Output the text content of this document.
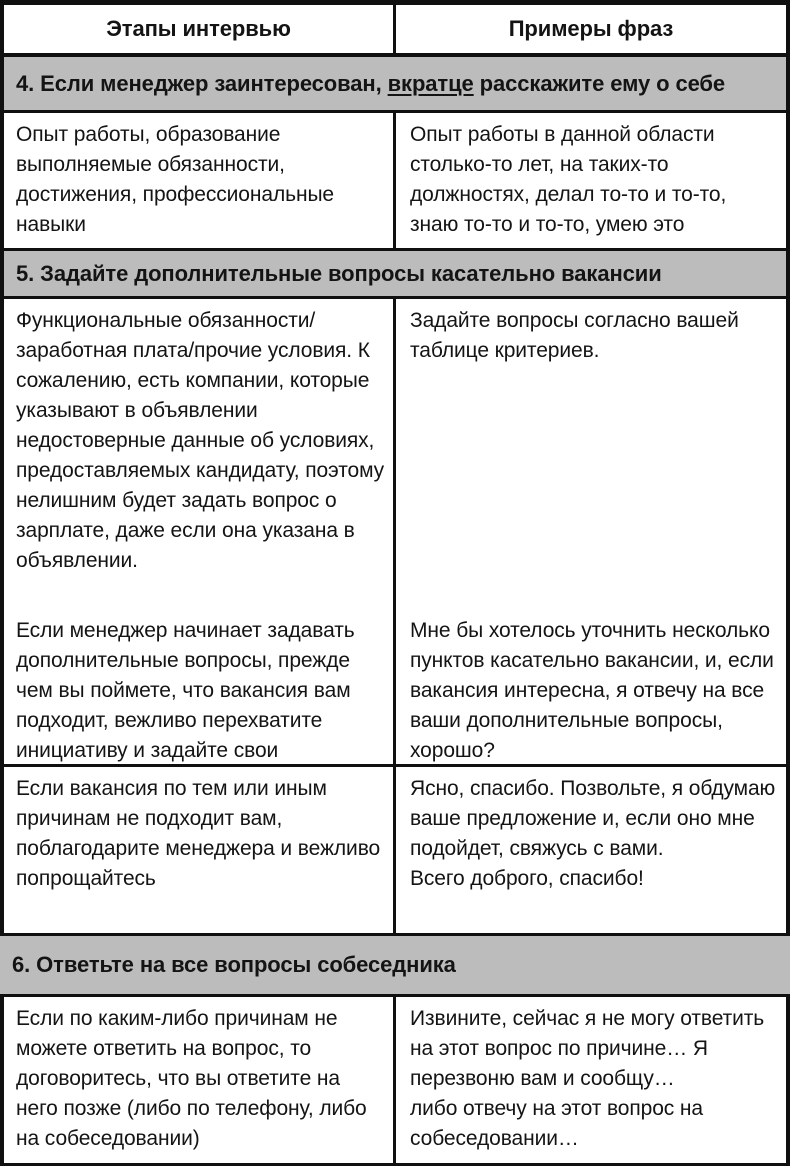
Этапы интервью	Примеры фраз
4. Если менеджер заинтересован, вкратце расскажите ему о себе
Опыт работы, образование выполняемые обязанности, достижения, профессиональные навыки
Опыт работы в данной области столько-то лет, на таких-то должностях, делал то-то и то-то, знаю то-то и то-то, умею это
5. Задайте дополнительные вопросы касательно вакансии
Функциональные обязанности/ заработная плата/прочие условия. К сожалению, есть компании, которые указывают в объявлении недостоверные данные об условиях, предоставляемых кандидату, поэтому нелишним будет задать вопрос о зарплате, даже если она указана в объявлении.
Если менеджер начинает задавать дополнительные вопросы, прежде чем вы поймете, что вакансия вам подходит, вежливо перехватите инициативу и задайте свои
Задайте вопросы согласно вашей таблице критериев.
Мне бы хотелось уточнить несколько пунктов касательно вакансии, и, если вакансия интересна, я отвечу на все ваши дополнительные вопросы, хорошо?
Если вакансия по тем или иным причинам не подходит вам, поблагодарите менеджера и вежливо попрощайтесь
Ясно, спасибо. Позвольте, я обдумаю ваше предложение и, если оно мне подойдет, свяжусь с вами.
Всего доброго, спасибо!
6. Ответьте на все вопросы собеседника
Если по каким-либо причинам не можете ответить на вопрос, то договоритесь, что вы ответите на него позже (либо по телефону, либо на собеседовании)
Извините, сейчас я не могу ответить на этот вопрос по причине… Я перезвоню вам и сообщу…
либо отвечу на этот вопрос на собеседовании…
